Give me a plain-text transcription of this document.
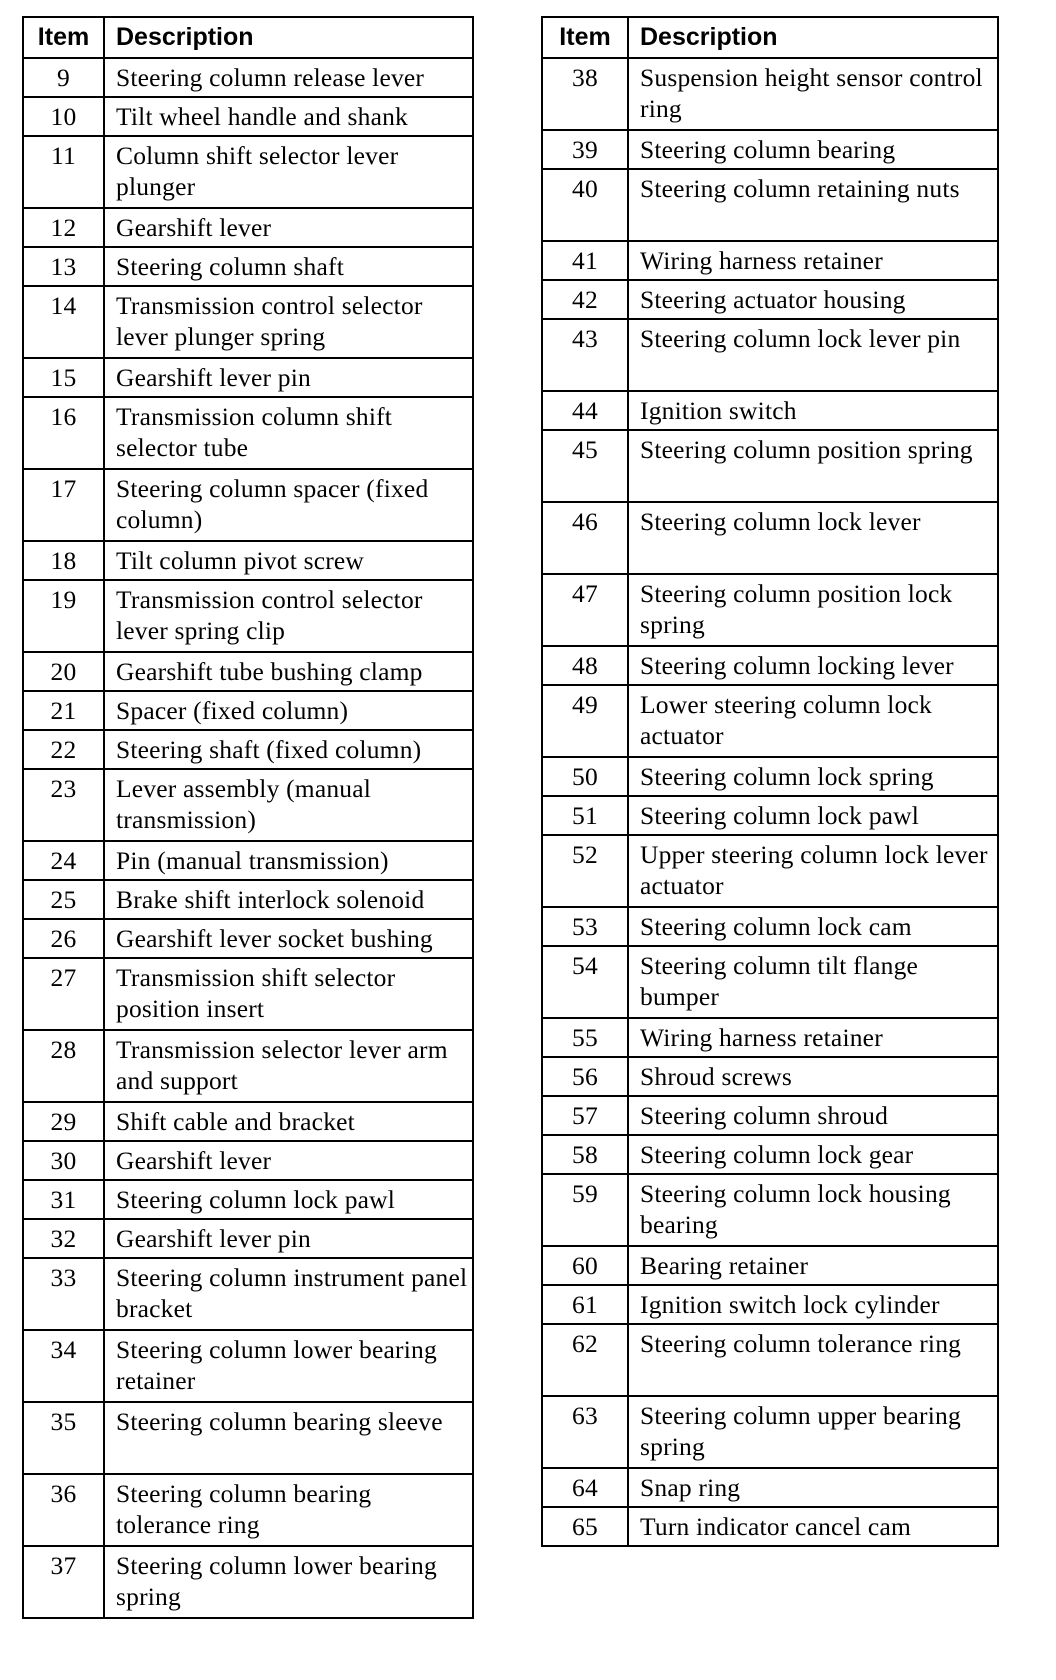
Item	Description
9	Steering column release lever
10	Tilt wheel handle and shank
11	Column shift selector lever plunger
12	Gearshift lever
13	Steering column shaft
14	Transmission control selector lever plunger spring
15	Gearshift lever pin
16	Transmission column shift selector tube
17	Steering column spacer (fixed column)
18	Tilt column pivot screw
19	Transmission control selector lever spring clip
20	Gearshift tube bushing clamp
21	Spacer (fixed column)
22	Steering shaft (fixed column)
23	Lever assembly (manual transmission)
24	Pin (manual transmission)
25	Brake shift interlock solenoid
26	Gearshift lever socket bushing
27	Transmission shift selector position insert
28	Transmission selector lever arm and support
29	Shift cable and bracket
30	Gearshift lever
31	Steering column lock pawl
32	Gearshift lever pin
33	Steering column instrument panel bracket
34	Steering column lower bearing retainer
35	Steering column bearing sleeve
36	Steering column bearing tolerance ring
37	Steering column lower bearing spring
Item	Description
38	Suspension height sensor control ring
39	Steering column bearing
40	Steering column retaining nuts
41	Wiring harness retainer
42	Steering actuator housing
43	Steering column lock lever pin
44	Ignition switch
45	Steering column position spring
46	Steering column lock lever
47	Steering column position lock spring
48	Steering column locking lever
49	Lower steering column lock actuator
50	Steering column lock spring
51	Steering column lock pawl
52	Upper steering column lock lever actuator
53	Steering column lock cam
54	Steering column tilt flange bumper
55	Wiring harness retainer
56	Shroud screws
57	Steering column shroud
58	Steering column lock gear
59	Steering column lock housing bearing
60	Bearing retainer
61	Ignition switch lock cylinder
62	Steering column tolerance ring
63	Steering column upper bearing spring
64	Snap ring
65	Turn indicator cancel cam
